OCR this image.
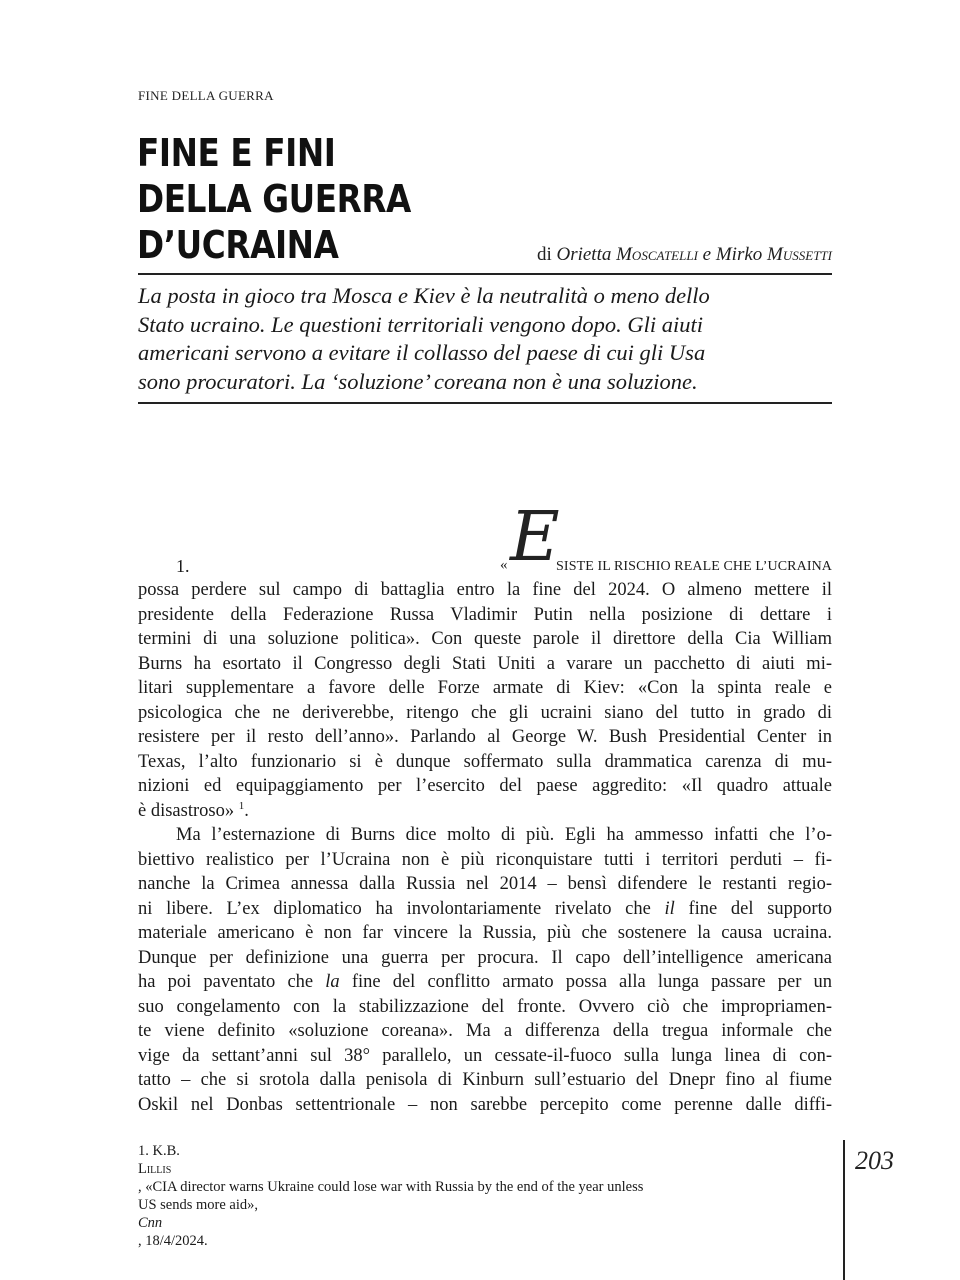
FINE DELLA GUERRA
FINE E FINI
DELLA GUERRA
D’UCRAINA	di Orietta Moscatelli e Mirko Mussetti
La posta in gioco tra Mosca e Kiev è la neutralità o meno dello
Stato ucraino. Le questioni territoriali vengono dopo. Gli aiuti
americani servono a evitare il collasso del paese di cui gli Usa
sono procuratori. La ‘soluzione’ coreana non è una soluzione.
1.	E
«	SISTE IL RISCHIO REALE CHE L’UCRAINA

possa perdere sul campo di battaglia entro la fine del 2024. O almeno mettere il
presidente della Federazione Russa Vladimir Putin nella posizione di dettare i
termini di una soluzione politica». Con queste parole il direttore della Cia William
Burns ha esortato il Congresso degli Stati Uniti a varare un pacchetto di aiuti mi-
litari supplementare a favore delle Forze armate di Kiev: «Con la spinta reale e
psicologica che ne deriverebbe, ritengo che gli ucraini siano del tutto in grado di
resistere per il resto dell’anno». Parlando al George W. Bush Presidential Center in
Texas, l’alto funzionario si è dunque soffermato sulla drammatica carenza di mu-
nizioni ed equipaggiamento per l’esercito del paese aggredito: «Il quadro attuale
è disastroso» $^1$.

Ma l’esternazione di Burns dice molto di più. Egli ha ammesso infatti che l’o-
biettivo realistico per l’Ucraina non è più riconquistare tutti i territori perduti – fi-
nanche la Crimea annessa dalla Russia nel 2014 – bensì difendere le restanti regio-
ni libere. L’ex diplomatico ha involontariamente rivelato che il fine del supporto
materiale americano è non far vincere la Russia, più che sostenere la causa ucraina.
Dunque per definizione una guerra per procura. Il capo dell’intelligence americana
ha poi paventato che la fine del conflitto armato possa alla lunga passare per un
suo congelamento con la stabilizzazione del fronte. Ovvero ciò che impropriamen-
te viene definito «soluzione coreana». Ma a differenza della tregua informale che
vige da settant’anni sul 38° parallelo, un cessate-il-fuoco sulla lunga linea di con-
tatto – che si srotola dalla penisola di Kinburn sull’estuario del Dnepr fino al fiume
Oskil nel Donbas settentrionale – non sarebbe percepito come perenne dalle diffi-

1. K.B.
Lillis
, «CIA director warns Ukraine could lose war with Russia by the end of the year unless
US sends more aid»,
Cnn
, 18/4/2024.
203
